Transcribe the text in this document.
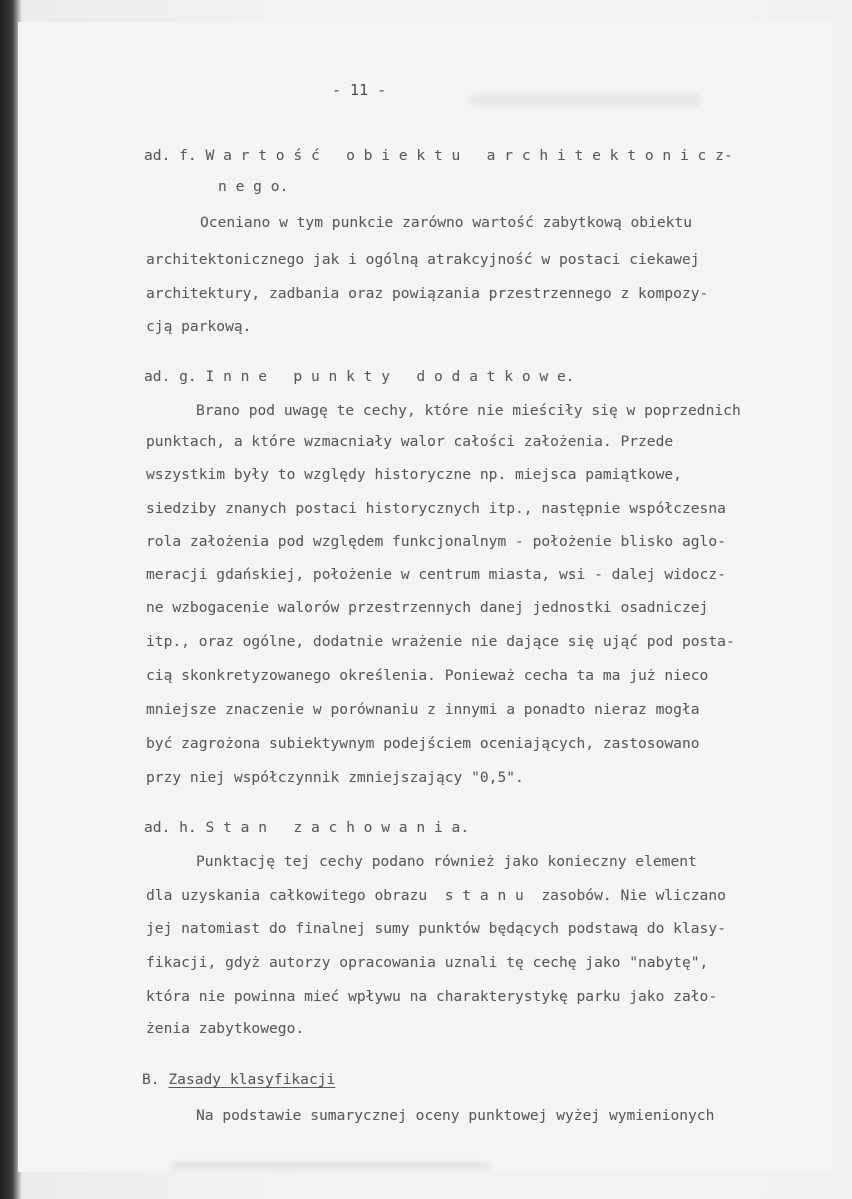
- 11 -
ad. f. W a r t o ś ć   o b i e k t u   a r c h i t e k t o n i c z-
n e g o.
Oceniano w tym punkcie zarówno wartość zabytkową obiektu
architektonicznego jak i ogólną atrakcyjność w postaci ciekawej
architektury, zadbania oraz powiązania przestrzennego z kompozy-
cją parkową.
ad. g. I n n e   p u n k t y   d o d a t k o w e.
Brano pod uwagę te cechy, które nie mieściły się w poprzednich
punktach, a które wzmacniały walor całości założenia. Przede
wszystkim były to względy historyczne np. miejsca pamiątkowe,
siedziby znanych postaci historycznych itp., następnie współczesna
rola założenia pod względem funkcjonalnym - położenie blisko aglo-
meracji gdańskiej, położenie w centrum miasta, wsi - dalej widocz-
ne wzbogacenie walorów przestrzennych danej jednostki osadniczej
itp., oraz ogólne, dodatnie wrażenie nie dające się ująć pod posta-
cią skonkretyzowanego określenia. Ponieważ cecha ta ma już nieco
mniejsze znaczenie w porównaniu z innymi a ponadto nieraz mogła
być zagrożona subiektywnym podejściem oceniających, zastosowano
przy niej współczynnik zmniejszający "0,5".
ad. h. S t a n   z a c h o w a n i a.
Punktację tej cechy podano również jako konieczny element
dla uzyskania całkowitego obrazu  s t a n u  zasobów. Nie wliczano
jej natomiast do finalnej sumy punktów będących podstawą do klasy-
fikacji, gdyż autorzy opracowania uznali tę cechę jako "nabytę",
która nie powinna mieć wpływu na charakterystykę parku jako zało-
żenia zabytkowego.
B. Zasady klasyfikacji
Na podstawie sumarycznej oceny punktowej wyżej wymienionych
